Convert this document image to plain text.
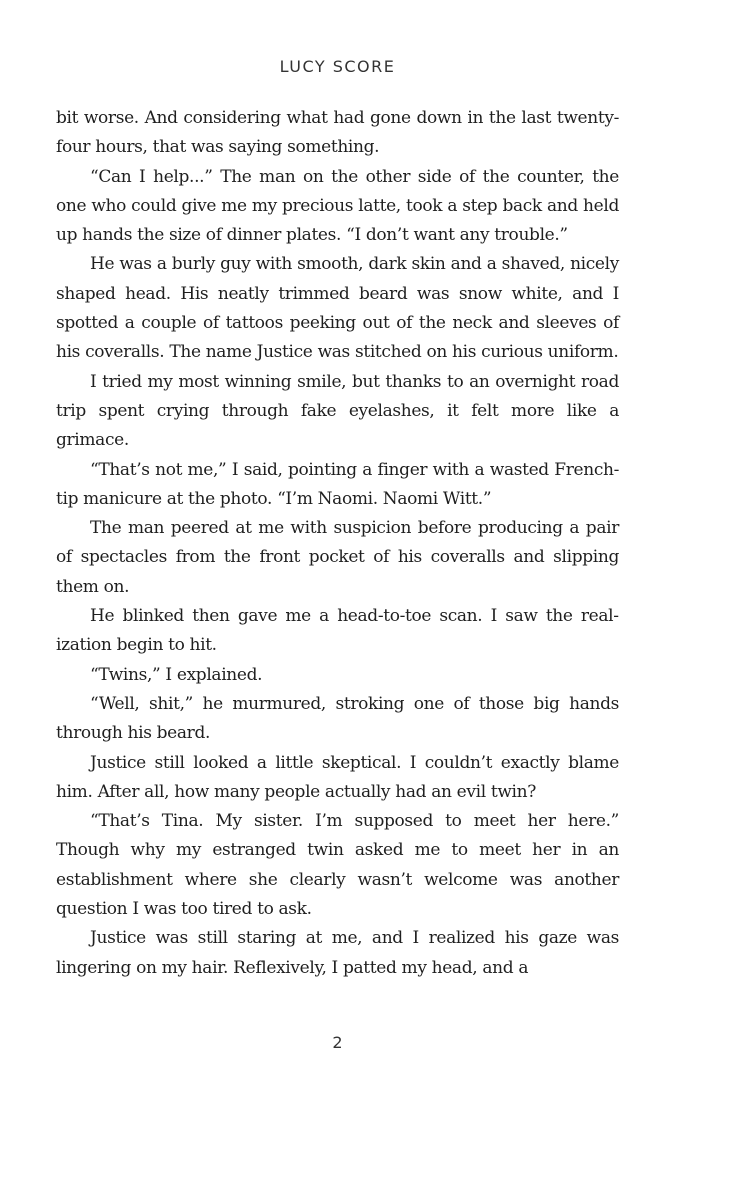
LUCY SCORE

bit worse. And considering what had gone down in the last twenty-four hours, that was saying something.

“Can I help...” The man on the other side of the counter, the one who could give me my precious latte, took a step back and held up hands the size of dinner plates. “I don’t want any trouble.”

He was a burly guy with smooth, dark skin and a shaved, nicely shaped head. His neatly trimmed beard was snow white, and I spotted a couple of tattoos peeking out of the neck and sleeves of his coveralls. The name Justice was stitched on his curious uniform.

I tried my most winning smile, but thanks to an overnight road trip spent crying through fake eyelashes, it felt more like a grimace.

“That’s not me,” I said, pointing a finger with a wasted French-tip manicure at the photo. “I’m Naomi. Naomi Witt.”

The man peered at me with suspicion before producing a pair of spectacles from the front pocket of his coveralls and slipping them on.

He blinked then gave me a head-to-toe scan. I saw the realization begin to hit.

“Twins,” I explained.

“Well, shit,” he murmured, stroking one of those big hands through his beard.

Justice still looked a little skeptical. I couldn’t exactly blame him. After all, how many people actually had an evil twin?

“That’s Tina. My sister. I’m supposed to meet her here.” Though why my estranged twin asked me to meet her in an establishment where she clearly wasn’t welcome was another question I was too tired to ask.

Justice was still staring at me, and I realized his gaze was lingering on my hair. Reflexively, I patted my head, and a

2
